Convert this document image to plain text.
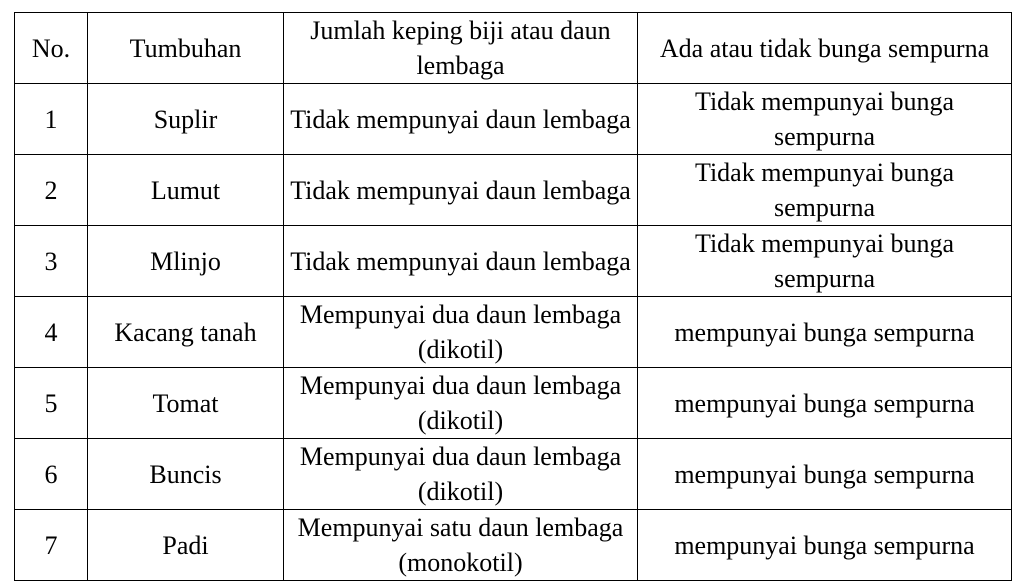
No.	Tumbuhan	Jumlah keping biji atau daun lembaga	Ada atau tidak bunga sempurna

1	Suplir	Tidak mempunyai daun lembaga	Tidak mempunyai bunga sempurna
2	Lumut	Tidak mempunyai daun lembaga	Tidak mempunyai bunga sempurna
3	Mlinjo	Tidak mempunyai daun lembaga	Tidak mempunyai bunga sempurna
4	Kacang tanah	Mempunyai dua daun lembaga (dikotil)	mempunyai bunga sempurna
5	Tomat	Mempunyai dua daun lembaga (dikotil)	mempunyai bunga sempurna
6	Buncis	Mempunyai dua daun lembaga (dikotil)	mempunyai bunga sempurna
7	Padi	Mempunyai satu daun lembaga (monokotil)	mempunyai bunga sempurna
